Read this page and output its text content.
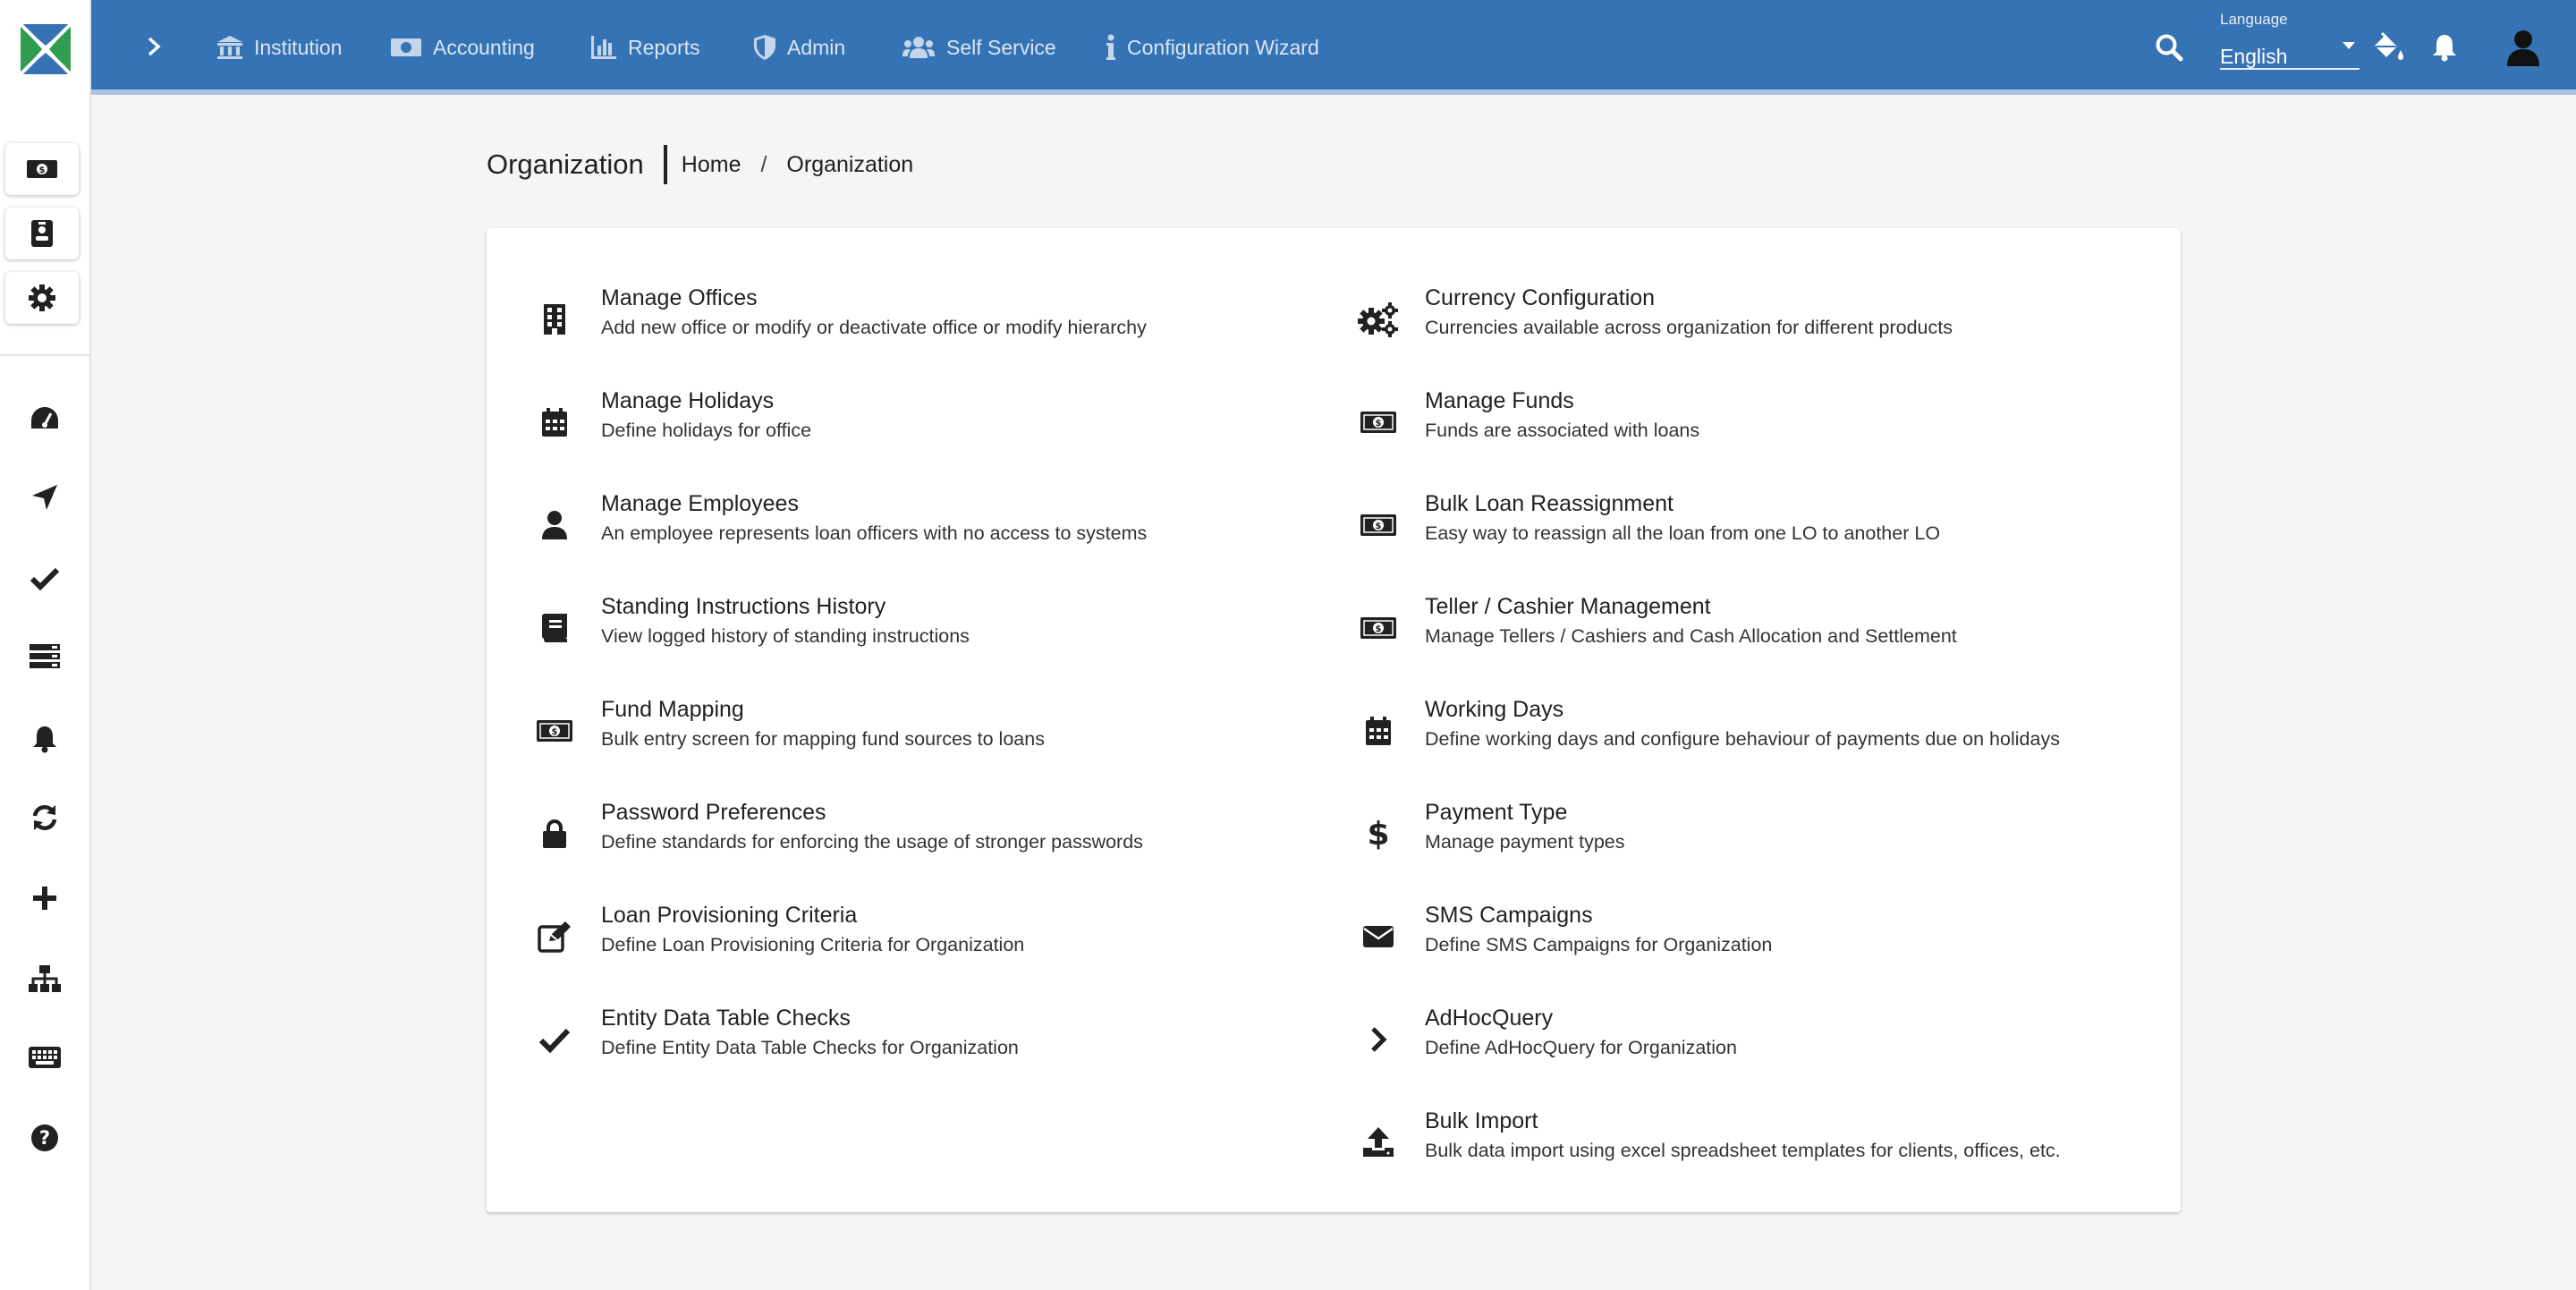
$
?
Institution	Accounting	Reports	Admin	Self Service	Configuration Wizard
Language
English
Organization Home / Organization
Manage Offices
Add new office or modify or deactivate office or modify hierarchy
Manage Holidays
Define holidays for office
Manage Employees
An employee represents loan officers with no access to systems
Standing Instructions History
View logged history of standing instructions
$
Fund Mapping
Bulk entry screen for mapping fund sources to loans
Password Preferences
Define standards for enforcing the usage of stronger passwords
Loan Provisioning Criteria
Define Loan Provisioning Criteria for Organization
Entity Data Table Checks
Define Entity Data Table Checks for Organization
Currency Configuration
Currencies available across organization for different products
$
Manage Funds
Funds are associated with loans
$
Bulk Loan Reassignment
Easy way to reassign all the loan from one LO to another LO
$
Teller / Cashier Management
Manage Tellers / Cashiers and Cash Allocation and Settlement
Working Days
Define working days and configure behaviour of payments due on holidays
$
Payment Type
Manage payment types
SMS Campaigns
Define SMS Campaigns for Organization
AdHocQuery
Define AdHocQuery for Organization
Bulk Import
Bulk data import using excel spreadsheet templates for clients, offices, etc.
